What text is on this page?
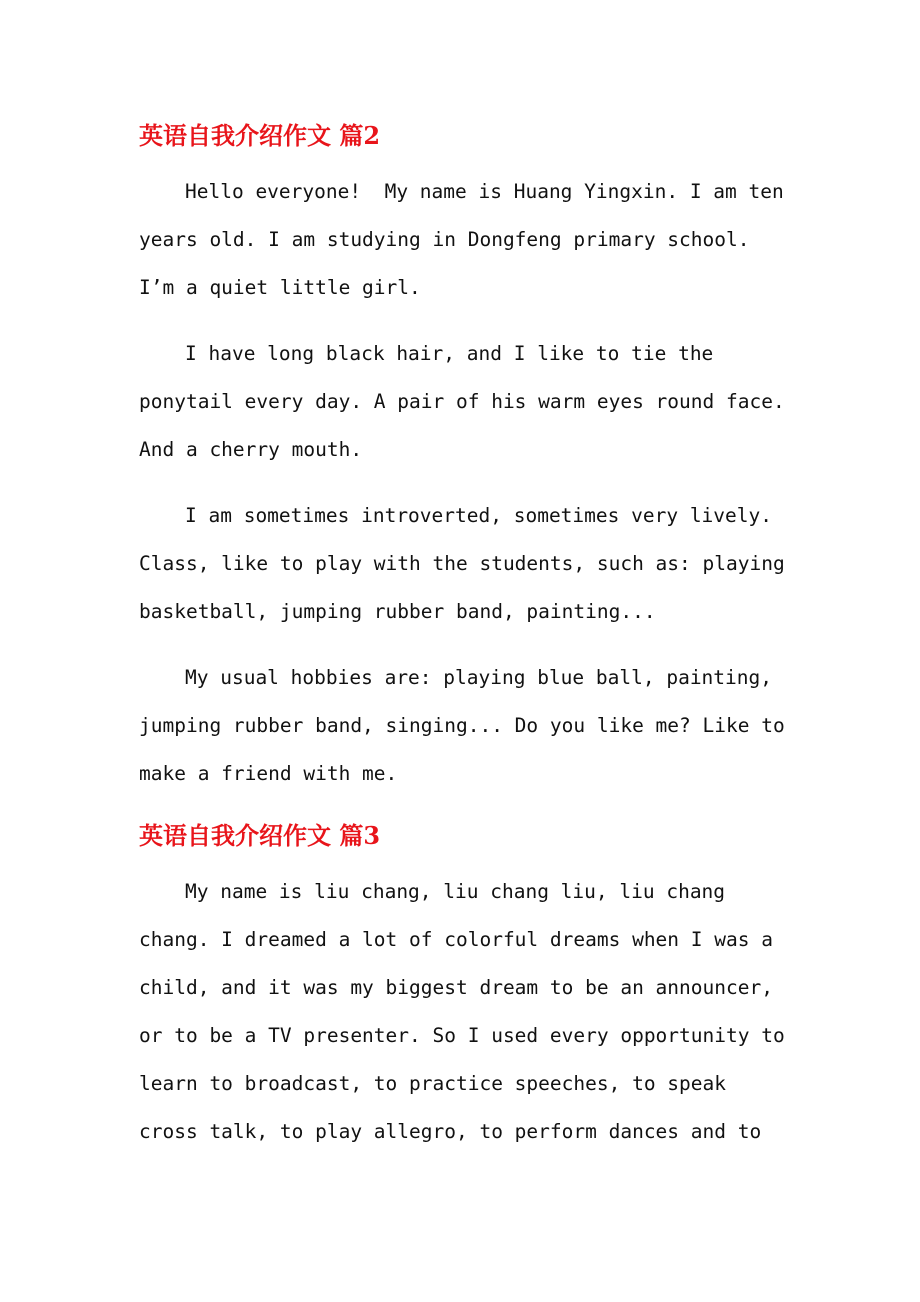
英语自我介绍作文 篇2

Hello everyone!  My name is Huang Yingxin. I am ten
years old. I am studying in Dongfeng primary school.
I’m a quiet little girl.

I have long black hair, and I like to tie the
ponytail every day. A pair of his warm eyes round face.
And a cherry mouth.

I am sometimes introverted, sometimes very lively.
Class, like to play with the students, such as: playing
basketball, jumping rubber band, painting...

My usual hobbies are: playing blue ball, painting,
jumping rubber band, singing... Do you like me? Like to
make a friend with me.

英语自我介绍作文 篇3

My name is liu chang, liu chang liu, liu chang
chang. I dreamed a lot of colorful dreams when I was a
child, and it was my biggest dream to be an announcer,
or to be a TV presenter. So I used every opportunity to
learn to broadcast, to practice speeches, to speak
cross talk, to play allegro, to perform dances and to
